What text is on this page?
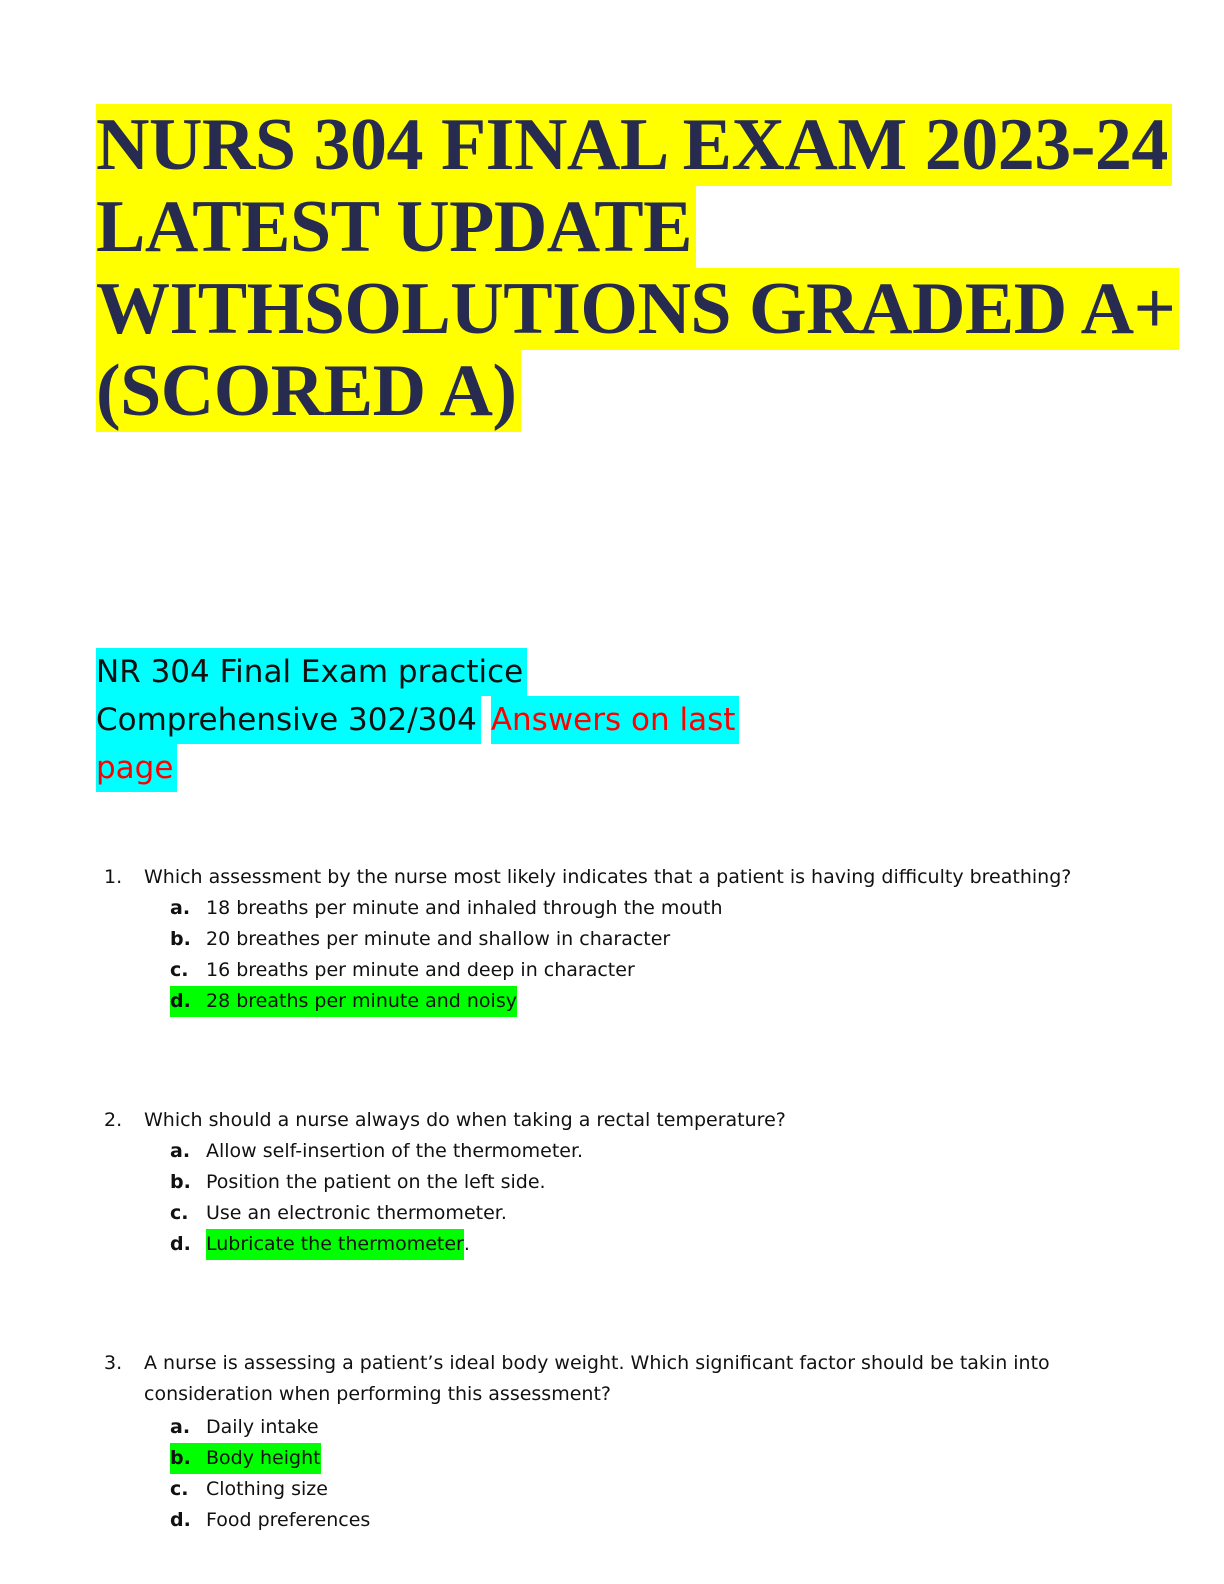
NURS 304 FINAL EXAM 2023-24
LATEST UPDATE
WITHSOLUTIONS GRADED A+
(SCORED A)
NR 304 Final Exam practice
Comprehensive 302/304 Answers on last
page
1.	Which assessment by the nurse most likely indicates that a patient is having difficulty breathing?
a. 18 breaths per minute and inhaled through the mouth
b. 20 breathes per minute and shallow in character
c. 16 breaths per minute and deep in character
d. 28 breaths per minute and noisy
2.	Which should a nurse always do when taking a rectal temperature?
a. Allow self-insertion of the thermometer.
b. Position the patient on the left side.
c. Use an electronic thermometer.
d. Lubricate the thermometer.
3.	A nurse is assessing a patient’s ideal body weight. Which significant factor should be takin into consideration when performing this assessment?
a. Daily intake
b. Body height
c. Clothing size
d. Food preferences
